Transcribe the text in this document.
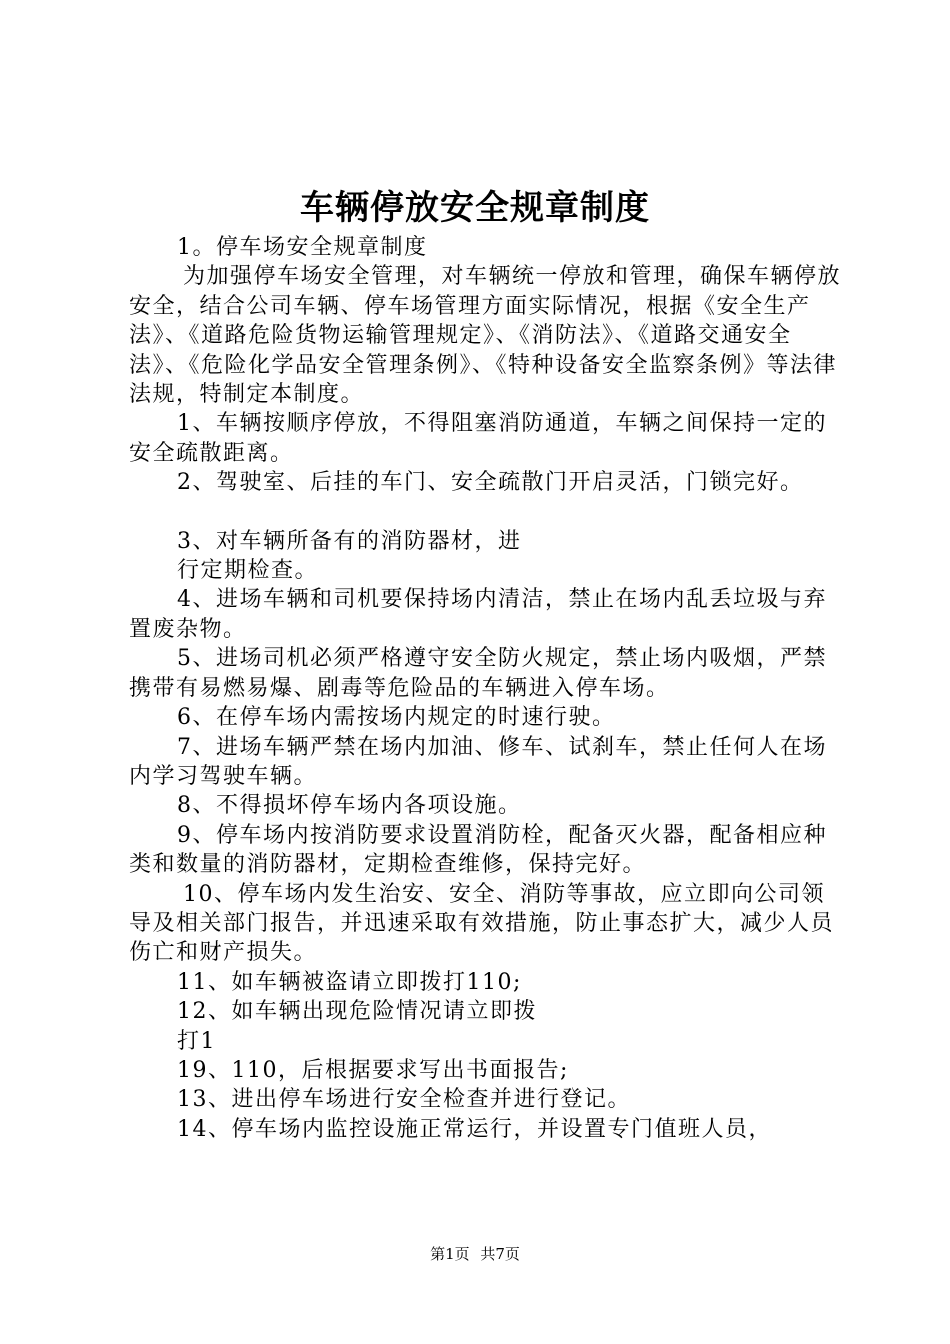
车辆停放安全规章制度

1。停车场安全规章制度

为加强停车场安全管理，对车辆统一停放和管理，确保车辆停放安全，结合公司车辆、停车场管理方面实际情况，根据《安全生产法》、《道路危险货物运输管理规定》、《消防法》、《道路交通安全法》、《危险化学品安全管理条例》、《特种设备安全监察条例》等法律法规，特制定本制度。

1、车辆按顺序停放，不得阻塞消防通道，车辆之间保持一定的安全疏散距离。

2、驾驶室、后挂的车门、安全疏散门开启灵活，门锁完好。

3、对车辆所备有的消防器材，进

行定期检查。

4、进场车辆和司机要保持场内清洁，禁止在场内乱丢垃圾与弃置废杂物。

5、进场司机必须严格遵守安全防火规定，禁止场内吸烟，严禁携带有易燃易爆、剧毒等危险品的车辆进入停车场。

6、在停车场内需按场内规定的时速行驶。

7、进场车辆严禁在场内加油、修车、试刹车，禁止任何人在场内学习驾驶车辆。

8、不得损坏停车场内各项设施。

9、停车场内按消防要求设置消防栓，配备灭火器，配备相应种类和数量的消防器材，定期检查维修，保持完好。

10、停车场内发生治安、安全、消防等事故，应立即向公司领导及相关部门报告，并迅速采取有效措施，防止事态扩大，减少人员伤亡和财产损失。

11、如车辆被盗请立即拨打110;

12、如车辆出现危险情况请立即拨

打1

19、110，后根据要求写出书面报告;

13、进出停车场进行安全检查并进行登记。

14、停车场内监控设施正常运行，并设置专门值班人员，

第1页 共7页
